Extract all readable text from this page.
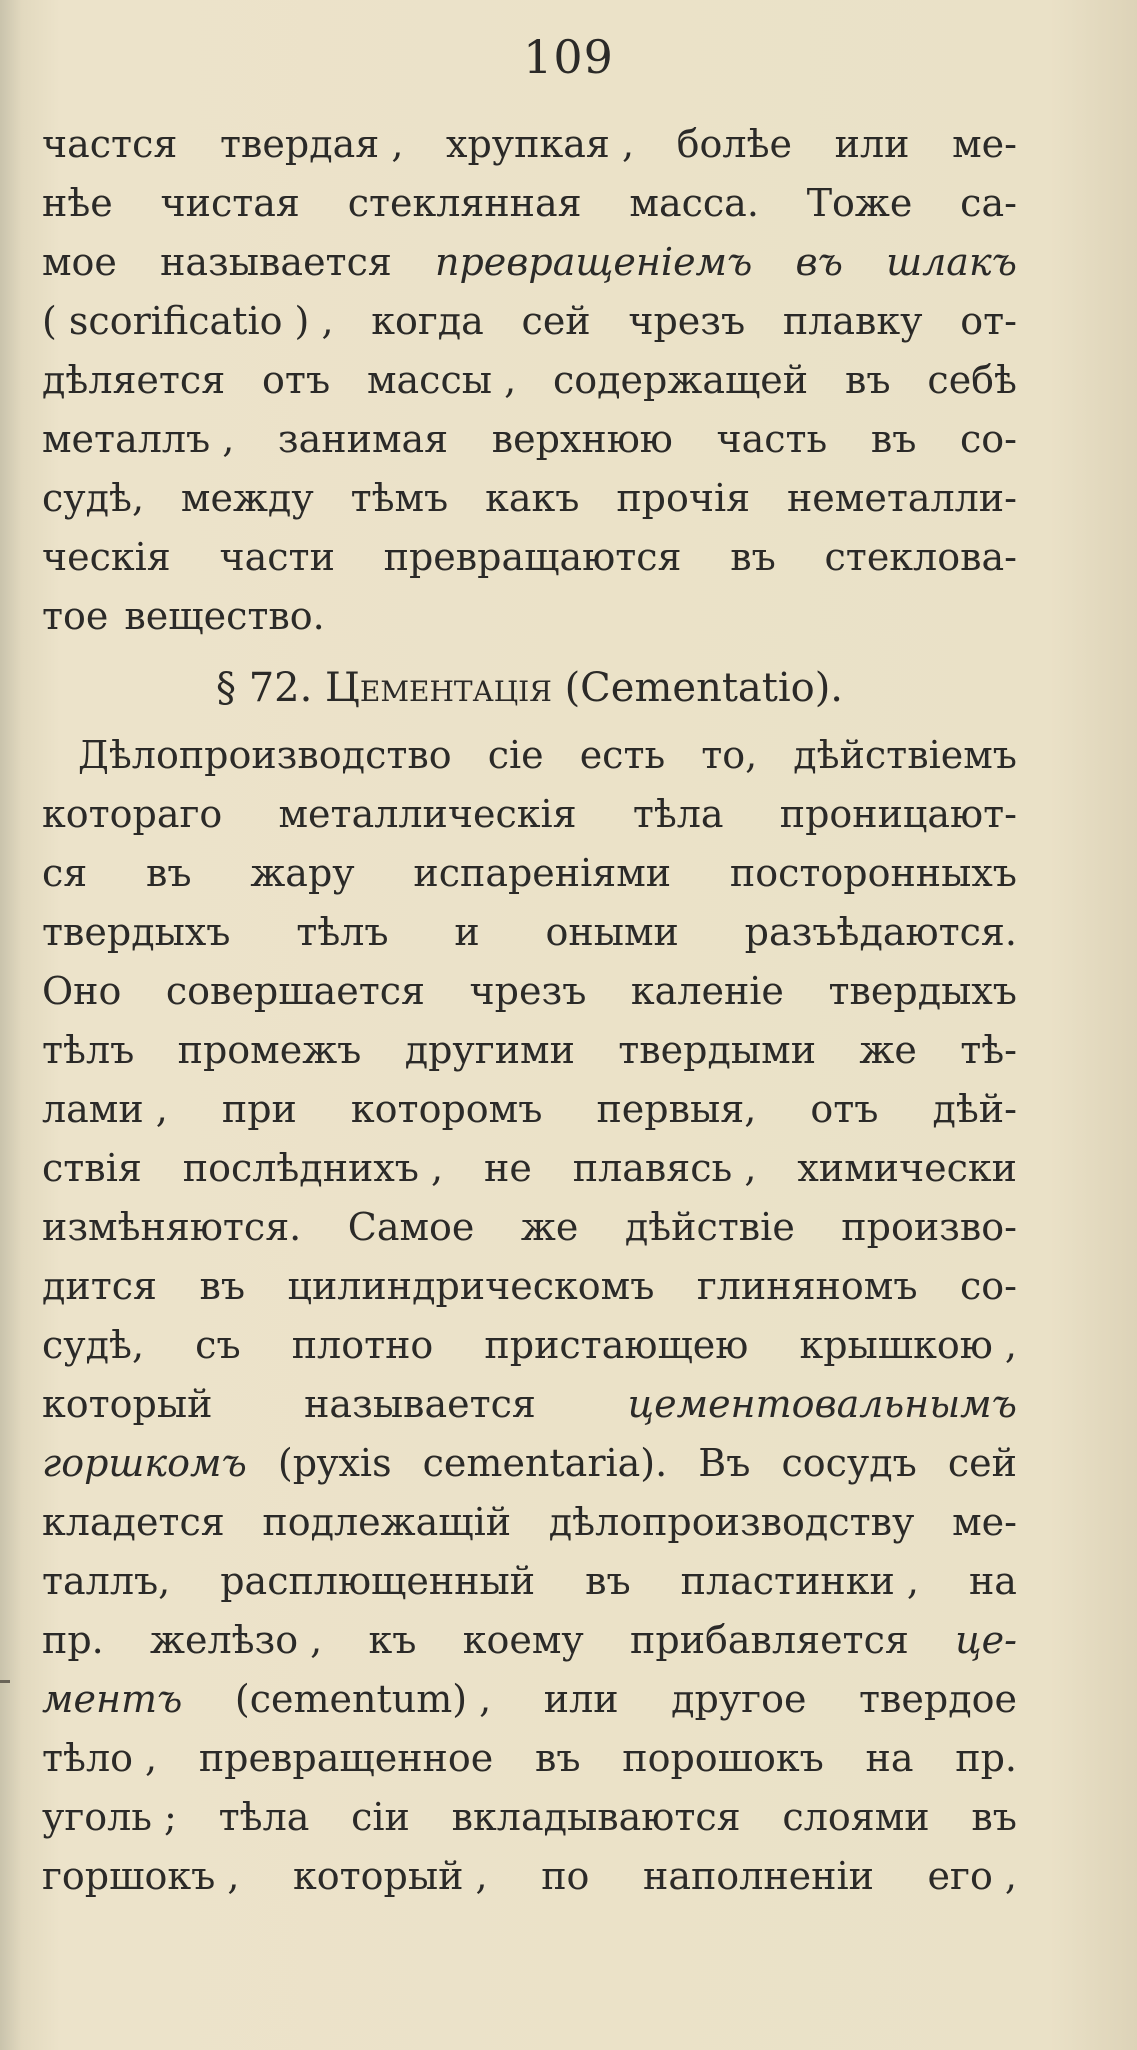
109
частся твердая , хрупкая , болѣе или ме-
нѣе чистая стеклянная масса. Тоже са-
мое называется превращеніемъ въ шлакъ
( scorificatio ) , когда сей чрезъ плавку от-
дѣляется отъ массы , содержащей въ себѣ
металлъ , занимая верхнюю часть въ со-
судѣ, между тѣмъ какъ прочія неметалли-
ческія части превращаются въ стеклова-
тое вещество.
§ 72. Цементація (Cementatio).
Дѣлопроизводство сіе есть то, дѣйствіемъ
котораго металлическія тѣла проницают-
ся въ жару испареніями посторонныхъ
твердыхъ тѣлъ и оными разъѣдаются.
Оно совершается чрезъ каленіе твердыхъ
тѣлъ промежъ другими твердыми же тѣ-
лами , при которомъ первыя, отъ дѣй-
ствія послѣднихъ , не плавясь , химически
измѣняются. Самое же дѣйствіе произво-
дится въ цилиндрическомъ глиняномъ со-
судѣ, съ плотно пристающею крышкою ,
который называется цементовальнымъ
горшкомъ (pyxis cementaria). Въ сосудъ сей
кладется подлежащій дѣлопроизводству ме-
таллъ, расплющенный въ пластинки , на
пр. желѣзо , къ коему прибавляется це-
ментъ (cementum) , или другое твердое
тѣло , превращенное въ порошокъ на пр.
уголь ; тѣла сіи вкладываются слоями въ
горшокъ , который , по наполненіи его ,
